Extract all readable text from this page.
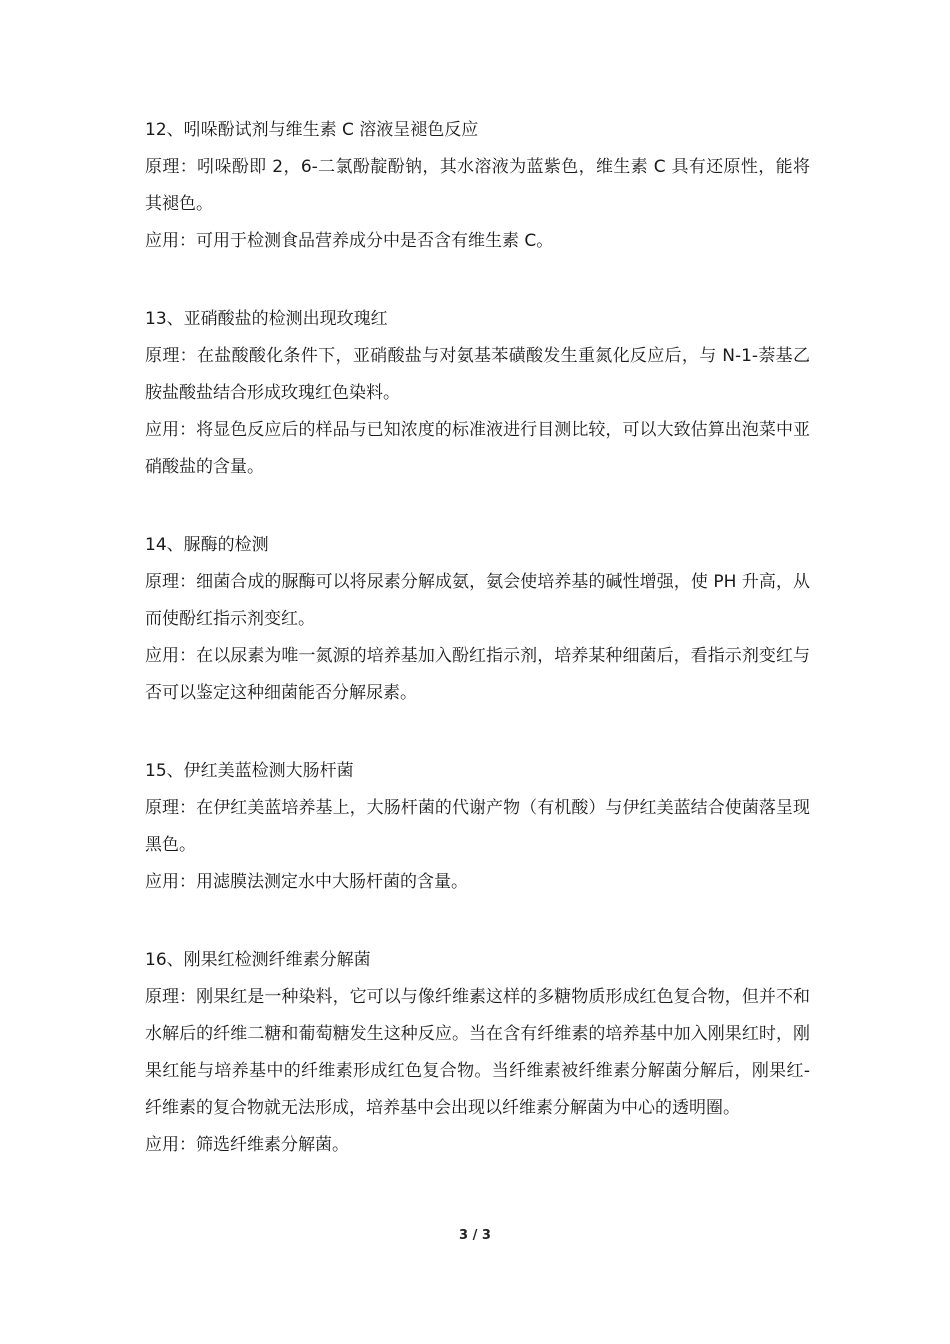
12、吲哚酚试剂与维生素 C 溶液呈褪色反应

原理：吲哚酚即 2，6-二氯酚靛酚钠，其水溶液为蓝紫色，维生素 C 具有还原性，能将其褪色。

应用：可用于检测食品营养成分中是否含有维生素 C。

13、亚硝酸盐的检测出现玫瑰红

原理：在盐酸酸化条件下，亚硝酸盐与对氨基苯磺酸发生重氮化反应后，与 N-1-萘基乙胺盐酸盐结合形成玫瑰红色染料。

应用：将显色反应后的样品与已知浓度的标准液进行目测比较，可以大致估算出泡菜中亚硝酸盐的含量。

14、脲酶的检测

原理：细菌合成的脲酶可以将尿素分解成氨，氨会使培养基的碱性增强，使 PH 升高，从而使酚红指示剂变红。

应用：在以尿素为唯一氮源的培养基加入酚红指示剂，培养某种细菌后，看指示剂变红与否可以鉴定这种细菌能否分解尿素。

15、伊红美蓝检测大肠杆菌

原理：在伊红美蓝培养基上，大肠杆菌的代谢产物（有机酸）与伊红美蓝结合使菌落呈现黑色。

应用：用滤膜法测定水中大肠杆菌的含量。

16、刚果红检测纤维素分解菌

原理：刚果红是一种染料，它可以与像纤维素这样的多糖物质形成红色复合物，但并不和水解后的纤维二糖和葡萄糖发生这种反应。当在含有纤维素的培养基中加入刚果红时，刚果红能与培养基中的纤维素形成红色复合物。当纤维素被纤维素分解菌分解后，刚果红-纤维素的复合物就无法形成，培养基中会出现以纤维素分解菌为中心的透明圈。

应用：筛选纤维素分解菌。

3 / 3
